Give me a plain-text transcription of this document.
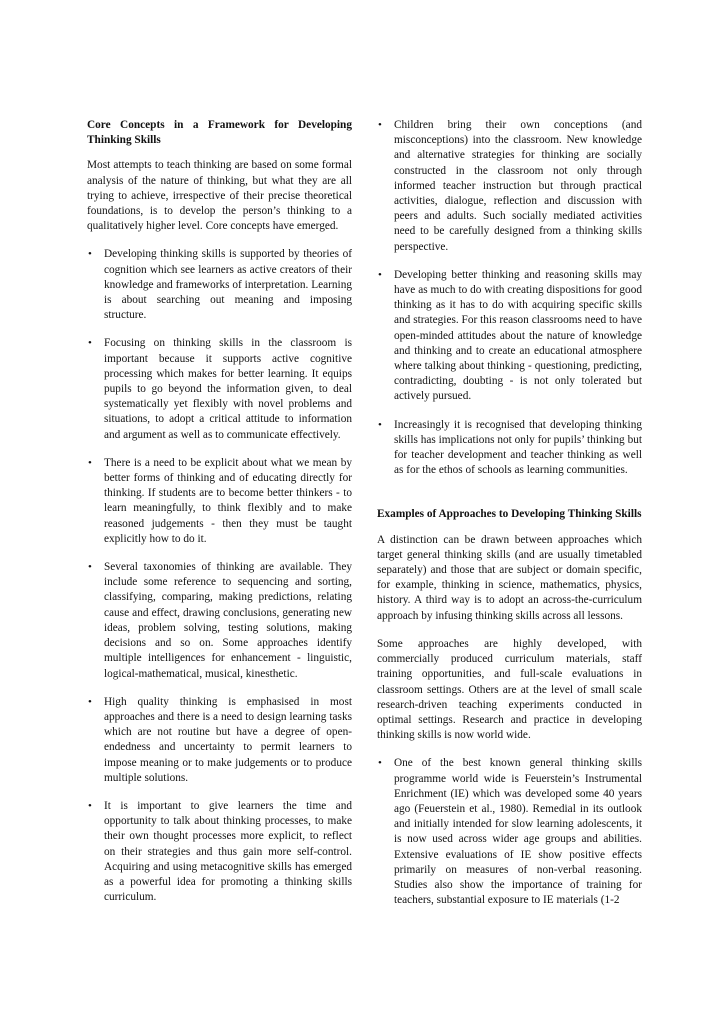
Core Concepts in a Framework for Developing Thinking Skills

Most attempts to teach thinking are based on some formal analysis of the nature of thinking, but what they are all trying to achieve, irrespective of their precise theoretical foundations, is to develop the person’s thinking to a qualitatively higher level. Core concepts have emerged.

• Developing thinking skills is supported by theories of cognition which see learners as active creators of their knowledge and frameworks of interpretation. Learning is about searching out meaning and imposing structure.
• Focusing on thinking skills in the classroom is important because it supports active cognitive processing which makes for better learning. It equips pupils to go beyond the information given, to deal systematically yet flexibly with novel problems and situations, to adopt a critical attitude to information and argument as well as to communicate effectively.
• There is a need to be explicit about what we mean by better forms of thinking and of educating directly for thinking. If students are to become better thinkers - to learn meaningfully, to think flexibly and to make reasoned judgements - then they must be taught explicitly how to do it.
• Several taxonomies of thinking are available. They include some reference to sequencing and sorting, classifying, comparing, making predictions, relating cause and effect, drawing conclusions, generating new ideas, problem solving, testing solutions, making decisions and so on. Some approaches identify multiple intelligences for enhancement - linguistic, logical-mathematical, musical, kinesthetic.
• High quality thinking is emphasised in most approaches and there is a need to design learning tasks which are not routine but have a degree of open-endedness and uncertainty to permit learners to impose meaning or to make judgements or to produce multiple solutions.
• It is important to give learners the time and opportunity to talk about thinking processes, to make their own thought processes more explicit, to reflect on their strategies and thus gain more self-control. Acquiring and using metacognitive skills has emerged as a powerful idea for promoting a thinking skills curriculum.
• Children bring their own conceptions (and misconceptions) into the classroom. New knowledge and alternative strategies for thinking are socially constructed in the classroom not only through informed teacher instruction but through practical activities, dialogue, reflection and discussion with peers and adults. Such socially mediated activities need to be carefully designed from a thinking skills perspective.
• Developing better thinking and reasoning skills may have as much to do with creating dispositions for good thinking as it has to do with acquiring specific skills and strategies. For this reason classrooms need to have open-minded attitudes about the nature of knowledge and thinking and to create an educational atmosphere where talking about thinking - questioning, predicting, contradicting, doubting - is not only tolerated but actively pursued.
• Increasingly it is recognised that developing thinking skills has implications not only for pupils’ thinking but for teacher development and teacher thinking as well as for the ethos of schools as learning communities.

Examples of Approaches to Developing Thinking Skills

A distinction can be drawn between approaches which target general thinking skills (and are usually timetabled separately) and those that are subject or domain specific, for example, thinking in science, mathematics, physics, history. A third way is to adopt an across-the-curriculum approach by infusing thinking skills across all lessons.

Some approaches are highly developed, with commercially produced curriculum materials, staff training opportunities, and full-scale evaluations in classroom settings. Others are at the level of small scale research-driven teaching experiments conducted in optimal settings. Research and practice in developing thinking skills is now world wide.

• One of the best known general thinking skills programme world wide is Feuerstein’s Instrumental Enrichment (IE) which was developed some 40 years ago (Feuerstein et al., 1980). Remedial in its outlook and initially intended for slow learning adolescents, it is now used across wider age groups and abilities. Extensive evaluations of IE show positive effects primarily on measures of non-verbal reasoning. Studies also show the importance of training for teachers, substantial exposure to IE materials (1-2
